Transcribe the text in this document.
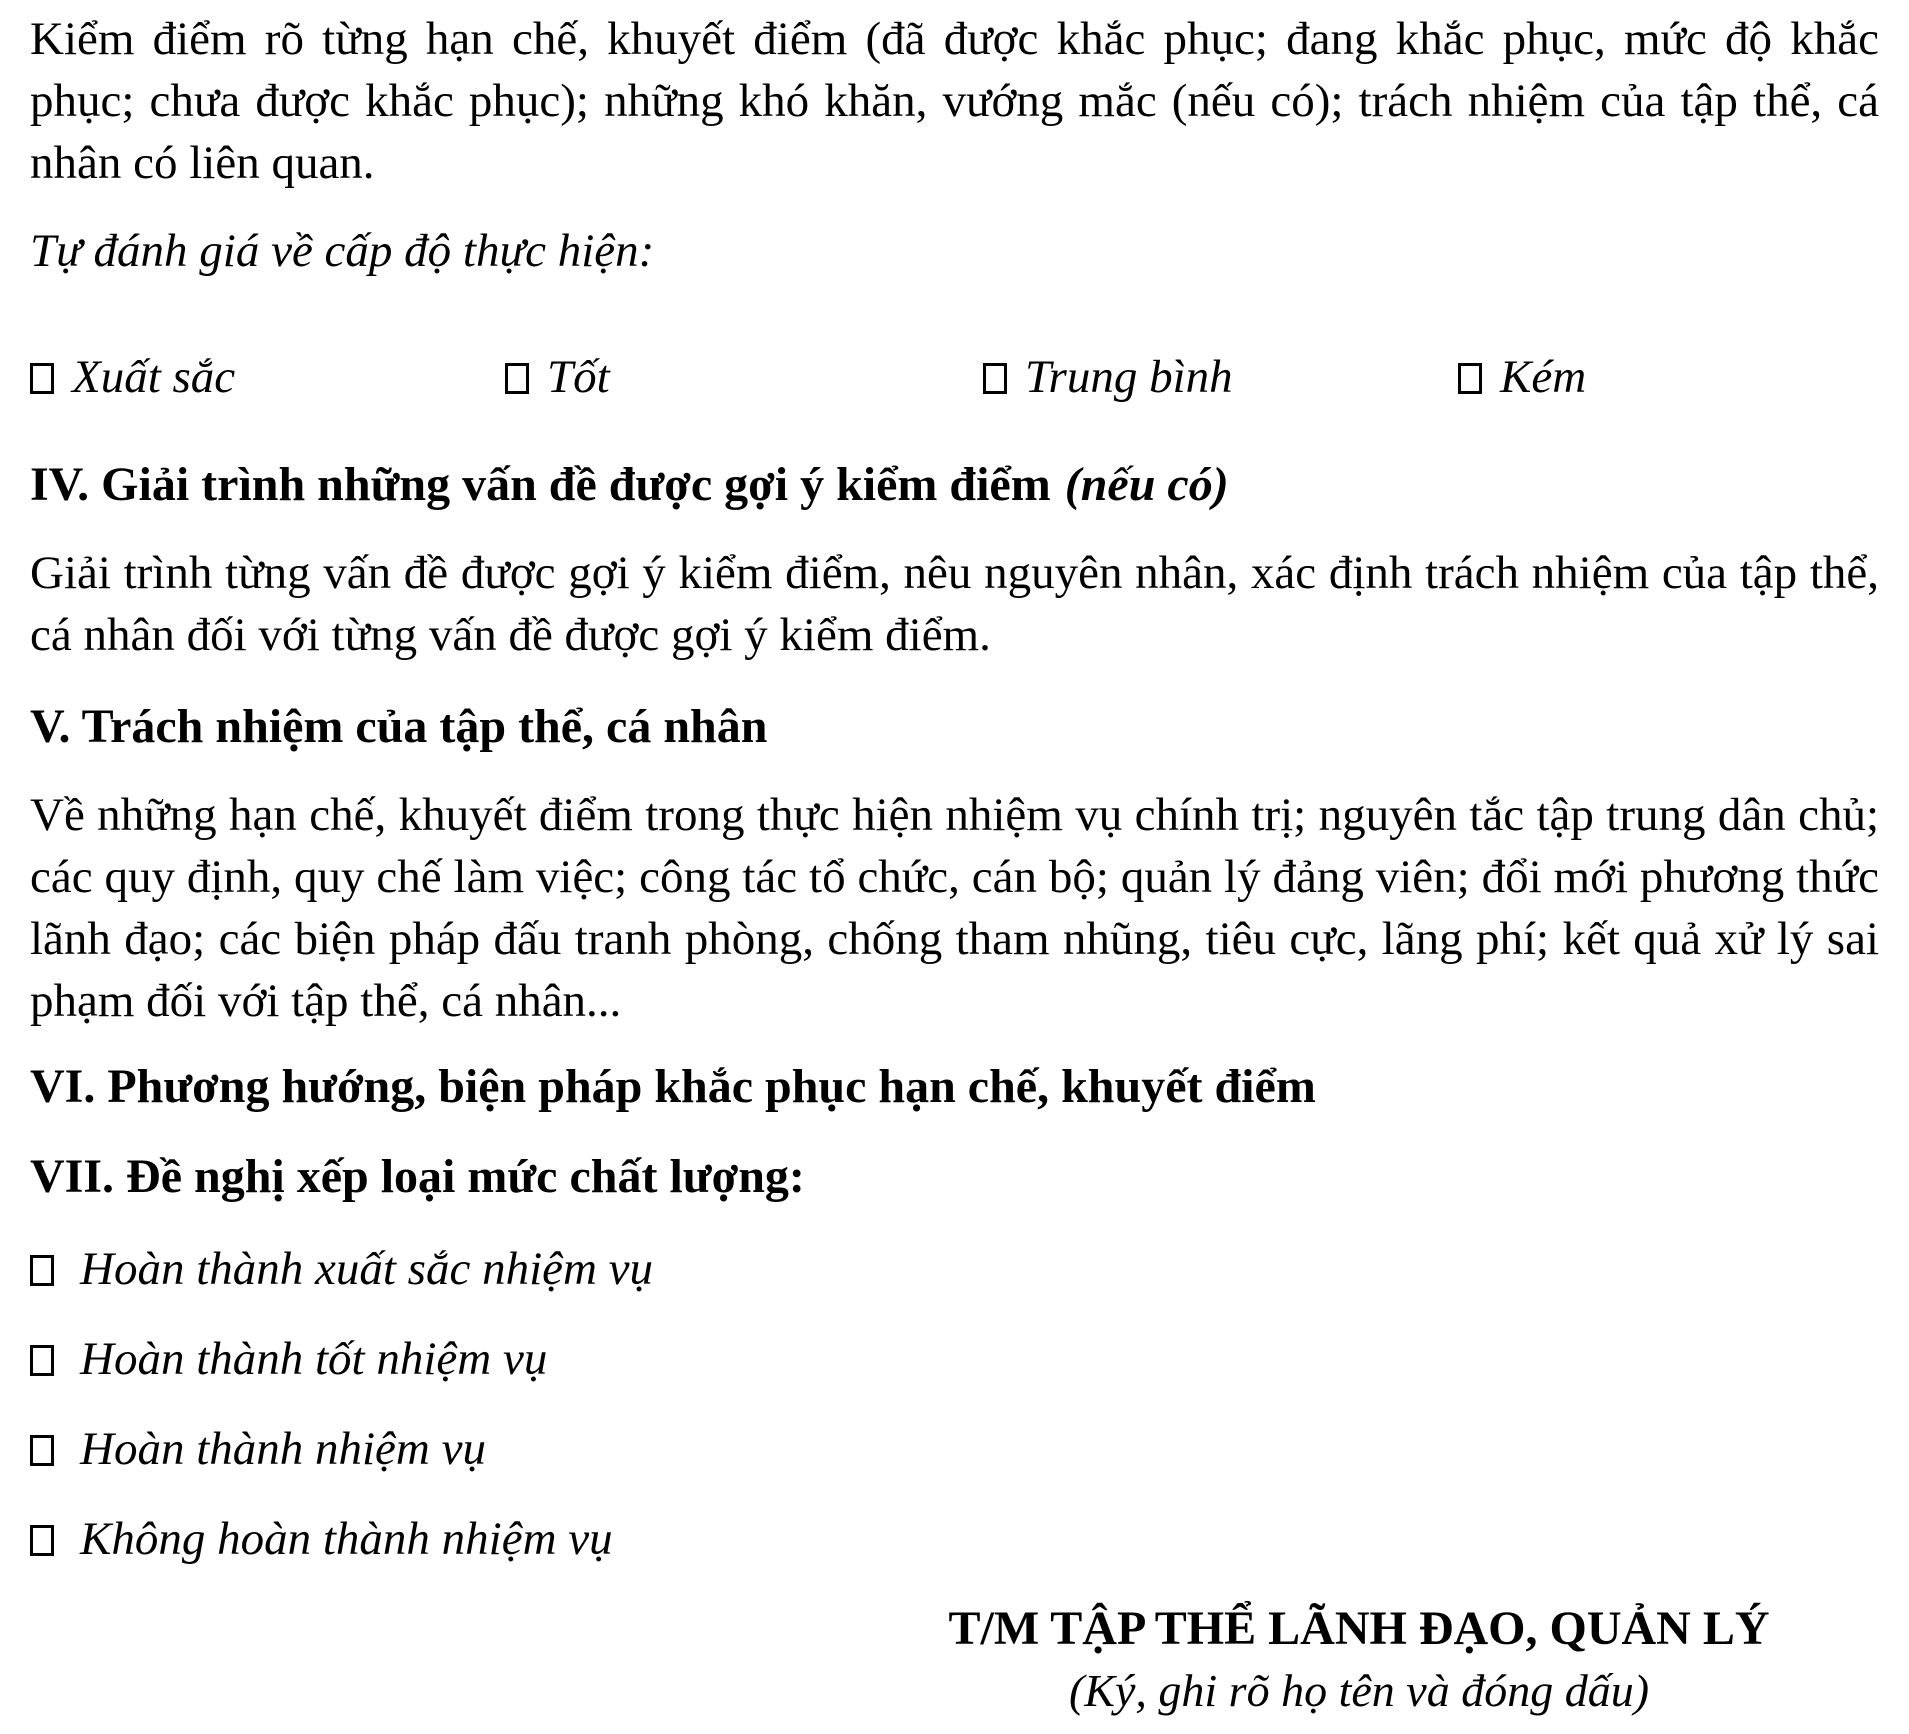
Kiểm điểm rõ từng hạn chế, khuyết điểm (đã được khắc phục; đang khắc phục, mức độ khắc phục; chưa được khắc phục); những khó khăn, vướng mắc (nếu có); trách nhiệm của tập thể, cá nhân có liên quan.

Tự đánh giá về cấp độ thực hiện:

Xuất sắc	Tốt	Trung bình	Kém
IV. Giải trình những vấn đề được gợi ý kiểm điểm (nếu có)

Giải trình từng vấn đề được gợi ý kiểm điểm, nêu nguyên nhân, xác định trách nhiệm của tập thể, cá nhân đối với từng vấn đề được gợi ý kiểm điểm.

V. Trách nhiệm của tập thể, cá nhân

Về những hạn chế, khuyết điểm trong thực hiện nhiệm vụ chính trị; nguyên tắc tập trung dân chủ; các quy định, quy chế làm việc; công tác tổ chức, cán bộ; quản lý đảng viên; đổi mới phương thức lãnh đạo; các biện pháp đấu tranh phòng, chống tham nhũng, tiêu cực, lãng phí; kết quả xử lý sai phạm đối với tập thể, cá nhân...

VI. Phương hướng, biện pháp khắc phục hạn chế, khuyết điểm
VII. Đề nghị xếp loại mức chất lượng:
Hoàn thành xuất sắc nhiệm vụ
Hoàn thành tốt nhiệm vụ
Hoàn thành nhiệm vụ
Không hoàn thành nhiệm vụ
T/M TẬP THỂ LÃNH ĐẠO, QUẢN LÝ
(Ký, ghi rõ họ tên và đóng dấu)
